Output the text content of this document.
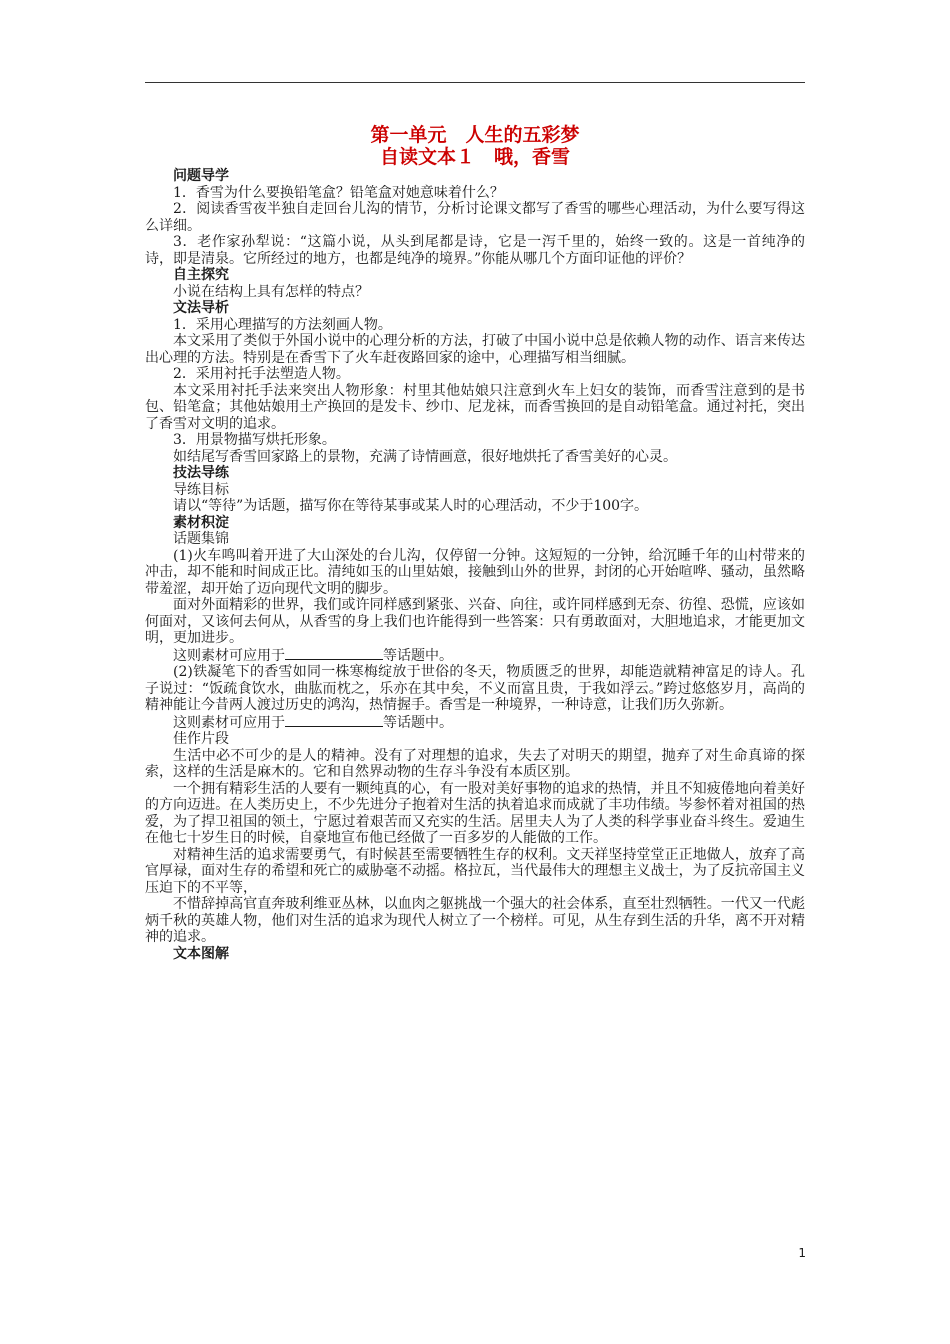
第一单元　人生的五彩梦
自读文本１　哦，香雪

问题导学

1．香雪为什么要换铅笔盒？铅笔盒对她意味着什么？

2．阅读香雪夜半独自走回台儿沟的情节，分析讨论课文都写了香雪的哪些心理活动，为什么要写得这么详细。

3．老作家孙犁说：“这篇小说，从头到尾都是诗，它是一泻千里的，始终一致的。这是一首纯净的诗，即是清泉。它所经过的地方，也都是纯净的境界。”你能从哪几个方面印证他的评价？

自主探究

小说在结构上具有怎样的特点？

文法导析

1．采用心理描写的方法刻画人物。

本文采用了类似于外国小说中的心理分析的方法，打破了中国小说中总是依赖人物的动作、语言来传达出心理的方法。特别是在香雪下了火车赶夜路回家的途中，心理描写相当细腻。

2．采用衬托手法塑造人物。

本文采用衬托手法来突出人物形象：村里其他姑娘只注意到火车上妇女的装饰，而香雪注意到的是书包、铅笔盒；其他姑娘用土产换回的是发卡、纱巾、尼龙袜，而香雪换回的是自动铅笔盒。通过衬托，突出了香雪对文明的追求。

3．用景物描写烘托形象。

如结尾写香雪回家路上的景物，充满了诗情画意，很好地烘托了香雪美好的心灵。

技法导练

导练目标

请以“等待”为话题，描写你在等待某事或某人时的心理活动，不少于100字。

素材积淀

话题集锦

(1)火车鸣叫着开进了大山深处的台儿沟，仅停留一分钟。这短短的一分钟，给沉睡千年的山村带来的冲击，却不能和时间成正比。清纯如玉的山里姑娘，接触到山外的世界，封闭的心开始喧哗、骚动，虽然略带羞涩，却开始了迈向现代文明的脚步。

面对外面精彩的世界，我们或许同样感到紧张、兴奋、向往，或许同样感到无奈、彷徨、恐慌，应该如何面对，又该何去何从，从香雪的身上我们也许能得到一些答案：只有勇敢面对，大胆地追求，才能更加文明，更加进步。

这则素材可应用于	等话题中。

(2)铁凝笔下的香雪如同一株寒梅绽放于世俗的冬天，物质匮乏的世界，却能造就精神富足的诗人。孔子说过：“饭疏食饮水，曲肱而枕之，乐亦在其中矣，不义而富且贵，于我如浮云。”跨过悠悠岁月，高尚的精神能让今昔两人渡过历史的鸿沟，热情握手。香雪是一种境界，一种诗意，让我们历久弥新。

这则素材可应用于	等话题中。

佳作片段

生活中必不可少的是人的精神。没有了对理想的追求，失去了对明天的期望，抛弃了对生命真谛的探索，这样的生活是麻木的。它和自然界动物的生存斗争没有本质区别。

一个拥有精彩生活的人要有一颗纯真的心，有一股对美好事物的追求的热情，并且不知疲倦地向着美好的方向迈进。在人类历史上，不少先进分子抱着对生活的执着追求而成就了丰功伟绩。岑参怀着对祖国的热爱，为了捍卫祖国的领土，宁愿过着艰苦而又充实的生活。居里夫人为了人类的科学事业奋斗终生。爱迪生在他七十岁生日的时候，自豪地宣布他已经做了一百多岁的人能做的工作。

对精神生活的追求需要勇气，有时候甚至需要牺牲生存的权利。文天祥坚持堂堂正正地做人，放弃了高官厚禄，面对生存的希望和死亡的威胁毫不动摇。格拉瓦，当代最伟大的理想主义战士，为了反抗帝国主义压迫下的不平等，

不惜辞掉高官直奔玻利维亚丛林，以血肉之躯挑战一个强大的社会体系，直至壮烈牺牲。一代又一代彪炳千秋的英雄人物，他们对生活的追求为现代人树立了一个榜样。可见，从生存到生活的升华，离不开对精神的追求。

文本图解

1
